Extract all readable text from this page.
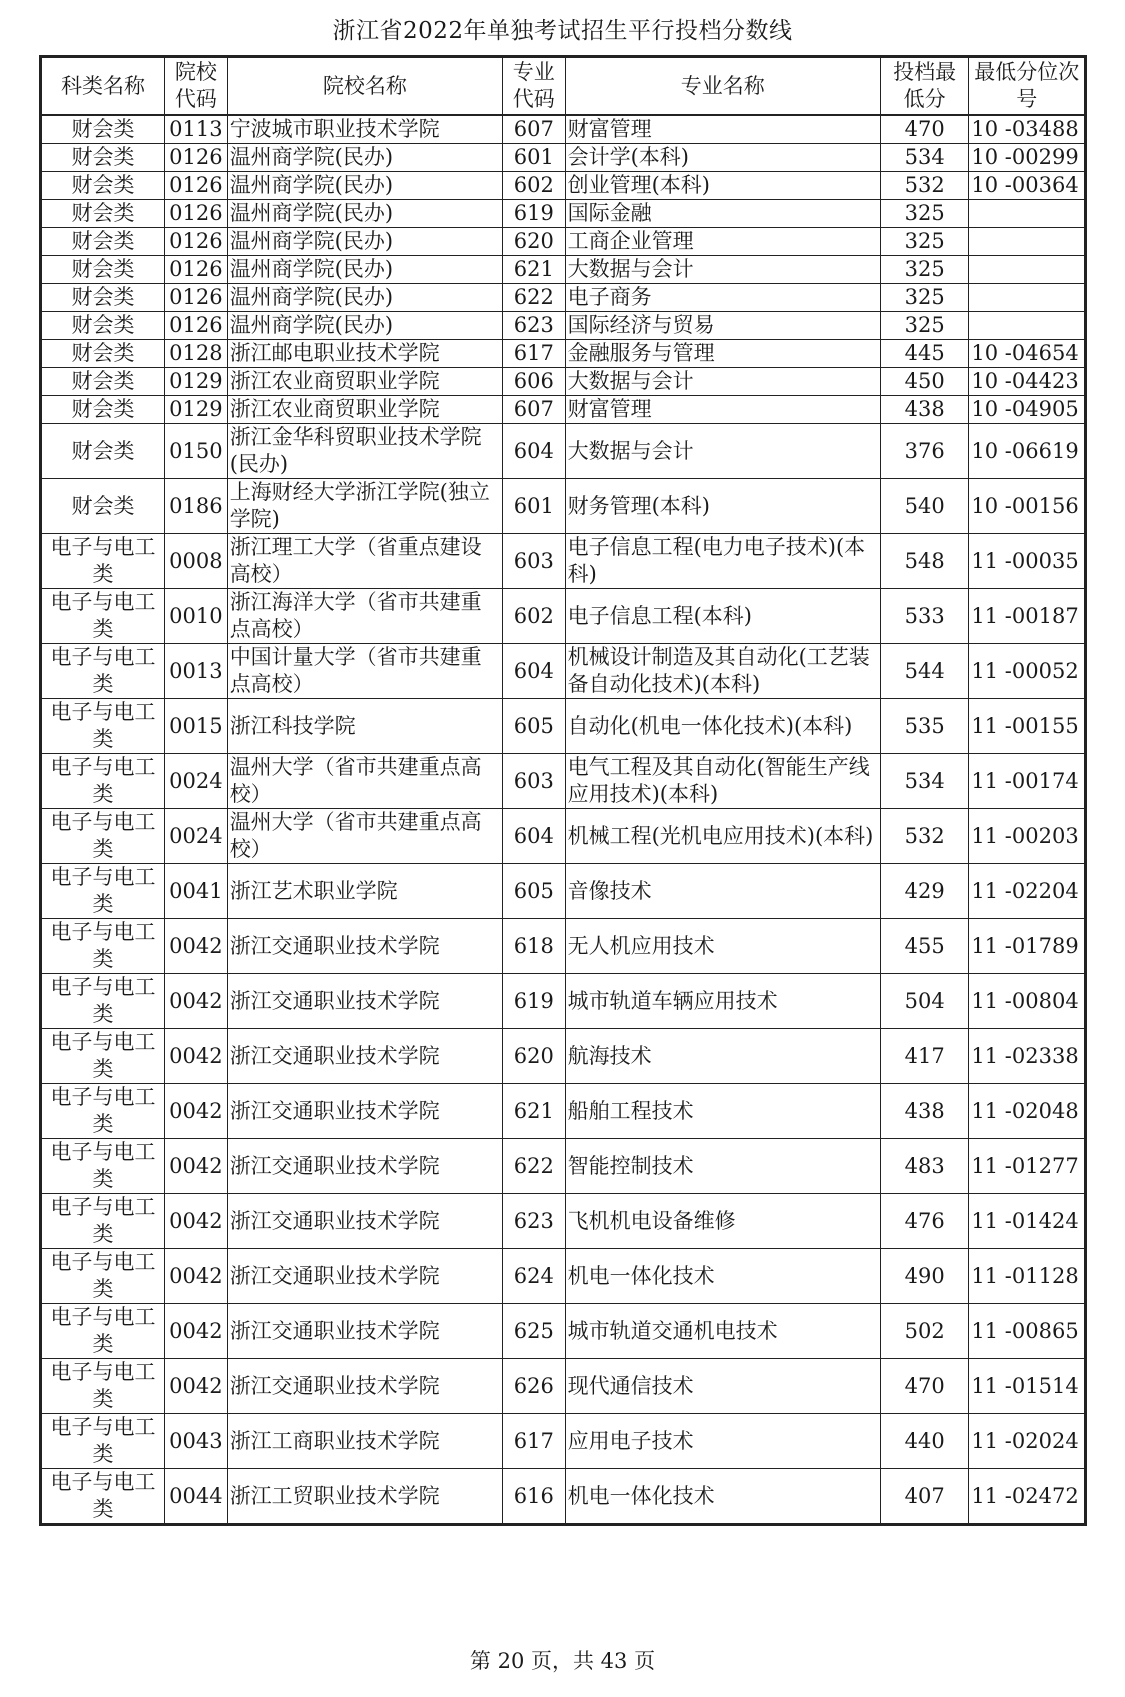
浙江省2022年单独考试招生平行投档分数线
科类名称	院校代码	院校名称	专业代码	专业名称	投档最低分	最低分位次号
财会类	0113	宁波城市职业技术学院	607	财富管理	470	10 -03488
财会类	0126	温州商学院(民办)	601	会计学(本科)	534	10 -00299
财会类	0126	温州商学院(民办)	602	创业管理(本科)	532	10 -00364
财会类	0126	温州商学院(民办)	619	国际金融	325	
财会类	0126	温州商学院(民办)	620	工商企业管理	325	
财会类	0126	温州商学院(民办)	621	大数据与会计	325	
财会类	0126	温州商学院(民办)	622	电子商务	325	
财会类	0126	温州商学院(民办)	623	国际经济与贸易	325	
财会类	0128	浙江邮电职业技术学院	617	金融服务与管理	445	10 -04654
财会类	0129	浙江农业商贸职业学院	606	大数据与会计	450	10 -04423
财会类	0129	浙江农业商贸职业学院	607	财富管理	438	10 -04905
财会类	0150	浙江金华科贸职业技术学院(民办)	604	大数据与会计	376	10 -06619
财会类	0186	上海财经大学浙江学院(独立学院)	601	财务管理(本科)	540	10 -00156
电子与电工类	0008	浙江理工大学（省重点建设高校）	603	电子信息工程(电力电子技术)(本科)	548	11 -00035
电子与电工类	0010	浙江海洋大学（省市共建重点高校）	602	电子信息工程(本科)	533	11 -00187
电子与电工类	0013	中国计量大学（省市共建重点高校）	604	机械设计制造及其自动化(工艺装备自动化技术)(本科)	544	11 -00052
电子与电工类	0015	浙江科技学院	605	自动化(机电一体化技术)(本科)	535	11 -00155
电子与电工类	0024	温州大学（省市共建重点高校）	603	电气工程及其自动化(智能生产线应用技术)(本科)	534	11 -00174
电子与电工类	0024	温州大学（省市共建重点高校）	604	机械工程(光机电应用技术)(本科)	532	11 -00203
电子与电工类	0041	浙江艺术职业学院	605	音像技术	429	11 -02204
电子与电工类	0042	浙江交通职业技术学院	618	无人机应用技术	455	11 -01789
电子与电工类	0042	浙江交通职业技术学院	619	城市轨道车辆应用技术	504	11 -00804
电子与电工类	0042	浙江交通职业技术学院	620	航海技术	417	11 -02338
电子与电工类	0042	浙江交通职业技术学院	621	船舶工程技术	438	11 -02048
电子与电工类	0042	浙江交通职业技术学院	622	智能控制技术	483	11 -01277
电子与电工类	0042	浙江交通职业技术学院	623	飞机机电设备维修	476	11 -01424
电子与电工类	0042	浙江交通职业技术学院	624	机电一体化技术	490	11 -01128
电子与电工类	0042	浙江交通职业技术学院	625	城市轨道交通机电技术	502	11 -00865
电子与电工类	0042	浙江交通职业技术学院	626	现代通信技术	470	11 -01514
电子与电工类	0043	浙江工商职业技术学院	617	应用电子技术	440	11 -02024
电子与电工类	0044	浙江工贸职业技术学院	616	机电一体化技术	407	11 -02472
第 20 页，共 43 页
